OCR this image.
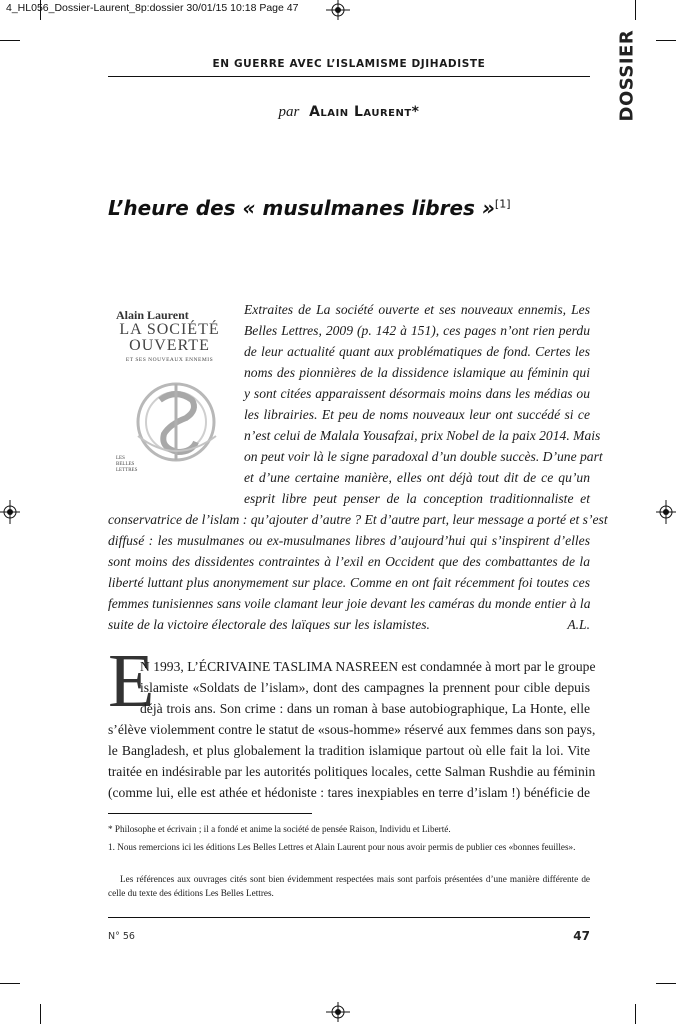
4_HL056_Dossier-Laurent_8p:dossier 30/01/15 10:18 Page 47
EN GUERRE AVEC L’ISLAMISME DJIHADISTE	DOSSIER
par Alain Laurent*
L’heure des « musulmanes libres »[1]
Alain Laurent
LA SOCIÉTÉ
OUVERTE
ET SES NOUVEAUX ENNEMIS
LES
BELLES
LETTRES
Extraites de La société ouverte et ses nouveaux ennemis, Les
Belles Lettres, 2009 (p. 142 à 151), ces pages n’ont rien perdu
de leur actualité quant aux problématiques de fond. Certes les
noms des pionnières de la dissidence islamique au féminin qui
y sont citées apparaissent désormais moins dans les médias ou
les librairies. Et peu de noms nouveaux leur ont succédé si ce
n’est celui de Malala Yousafzai, prix Nobel de la paix 2014. Mais
on peut voir là le signe paradoxal d’un double succès. D’une part
et d’une certaine manière, elles ont déjà tout dit de ce qu’un
esprit libre peut penser de la conception traditionnaliste et
conservatrice de l’islam : qu’ajouter d’autre ? Et d’autre part, leur message a porté et s’est
diffusé : les musulmanes ou ex-musulmanes libres d’aujourd’hui qui s’inspirent d’elles
sont moins des dissidentes contraintes à l’exil en Occident que des combattantes de la
liberté luttant plus anonymement sur place. Comme en ont fait récemment foi toutes ces
femmes tunisiennes sans voile clamant leur joie devant les caméras du monde entier à la
suite de la victoire électorale des laïques sur les islamistes.	A.L.
E
N 1993, L’ÉCRIVAINE TASLIMA NASREEN est condamnée à mort par le groupe
islamiste «Soldats de l’islam», dont des campagnes la prennent pour cible depuis
déjà trois ans. Son crime : dans un roman à base autobiographique, La Honte, elle
s’élève violemment contre le statut de «sous-homme» réservé aux femmes dans son pays,
le Bangladesh, et plus globalement la tradition islamique partout où elle fait la loi. Vite
traitée en indésirable par les autorités politiques locales, cette Salman Rushdie au féminin
(comme lui, elle est athée et hédoniste : tares inexpiables en terre d’islam !) bénéficie de
* Philosophe et écrivain ; il a fondé et anime la société de pensée Raison, Individu et Liberté.
1. Nous remercions ici les éditions Les Belles Lettres et Alain Laurent pour nous avoir permis de publier ces «bonnes feuilles».
Les références aux ouvrages cités sont bien évidemment respectées mais sont parfois présentées d’une manière différente de celle du texte des éditions Les Belles Lettres.
N° 56	47
